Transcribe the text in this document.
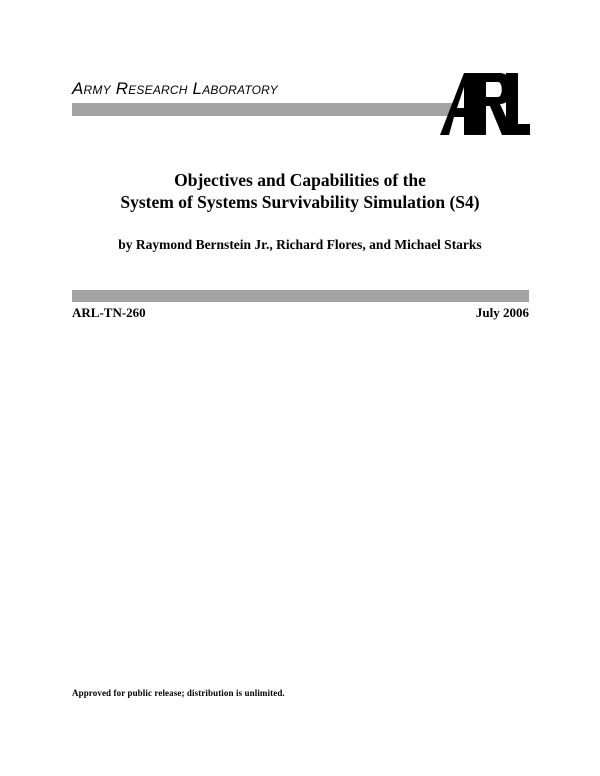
Army Research Laboratory
Objectives and Capabilities of the
System of Systems Survivability Simulation (S4)
by Raymond Bernstein Jr., Richard Flores, and Michael Starks
ARL-TN-260	July 2006
Approved for public release; distribution is unlimited.
